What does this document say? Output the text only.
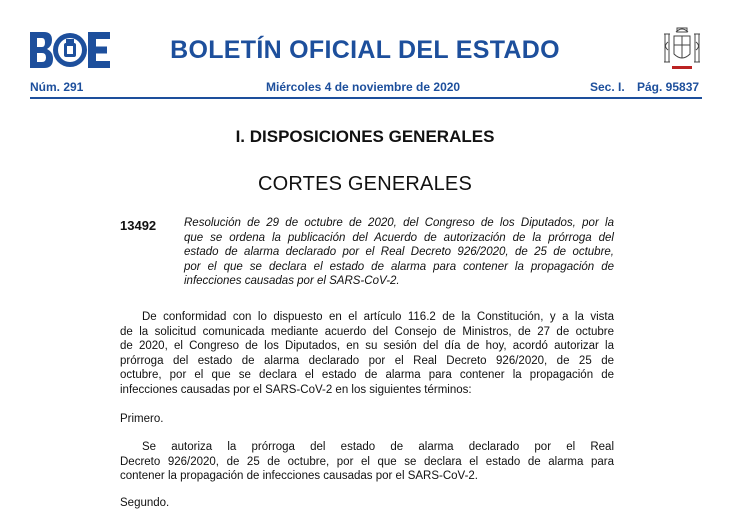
BOLETÍN OFICIAL DEL ESTADO
Núm. 291	Miércoles 4 de noviembre de 2020	Sec. I. Pág. 95837
I. DISPOSICIONES GENERALES
CORTES GENERALES
13492 Resolución de 29 de octubre de 2020, del Congreso de los Diputados, por la
que se ordena la publicación del Acuerdo de autorización de la prórroga del
estado de alarma declarado por el Real Decreto 926/2020, de 25 de octubre,
por el que se declara el estado de alarma para contener la propagación de
infecciones causadas por el SARS-CoV-2.
De conformidad con lo dispuesto en el artículo 116.2 de la Constitución, y a la vista
de la solicitud comunicada mediante acuerdo del Consejo de Ministros, de 27 de octubre
de 2020, el Congreso de los Diputados, en su sesión del día de hoy, acordó autorizar la
prórroga del estado de alarma declarado por el Real Decreto 926/2020, de 25 de
octubre, por el que se declara el estado de alarma para contener la propagación de
infecciones causadas por el SARS-CoV-2 en los siguientes términos:
Primero.
Se autoriza la prórroga del estado de alarma declarado por el Real
Decreto 926/2020, de 25 de octubre, por el que se declara el estado de alarma para
contener la propagación de infecciones causadas por el SARS-CoV-2.
Segundo.
